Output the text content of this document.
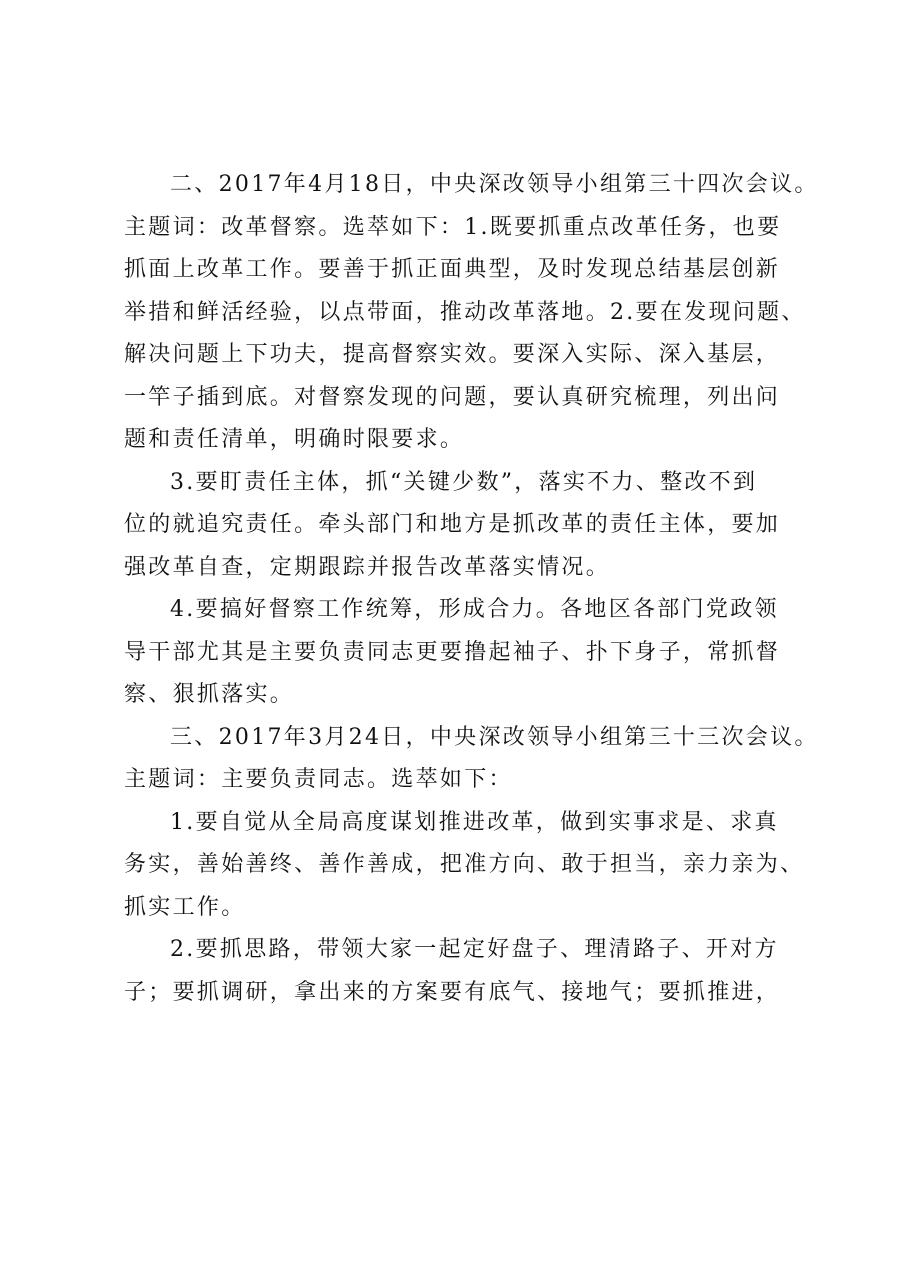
二、2017年4月18日，中央深改领导小组第三十四次会议。
主题词：改革督察。选萃如下：1.既要抓重点改革任务，也要
抓面上改革工作。要善于抓正面典型，及时发现总结基层创新
举措和鲜活经验，以点带面，推动改革落地。2.要在发现问题、
解决问题上下功夫，提高督察实效。要深入实际、深入基层，
一竿子插到底。对督察发现的问题，要认真研究梳理，列出问
题和责任清单，明确时限要求。
3.要盯责任主体，抓“关键少数”，落实不力、整改不到
位的就追究责任。牵头部门和地方是抓改革的责任主体，要加
强改革自查，定期跟踪并报告改革落实情况。
4.要搞好督察工作统筹，形成合力。各地区各部门党政领
导干部尤其是主要负责同志更要撸起袖子、扑下身子，常抓督
察、狠抓落实。
三、2017年3月24日，中央深改领导小组第三十三次会议。
主题词：主要负责同志。选萃如下：
1.要自觉从全局高度谋划推进改革，做到实事求是、求真
务实，善始善终、善作善成，把准方向、敢于担当，亲力亲为、
抓实工作。
2.要抓思路，带领大家一起定好盘子、理清路子、开对方
子；要抓调研，拿出来的方案要有底气、接地气；要抓推进，
